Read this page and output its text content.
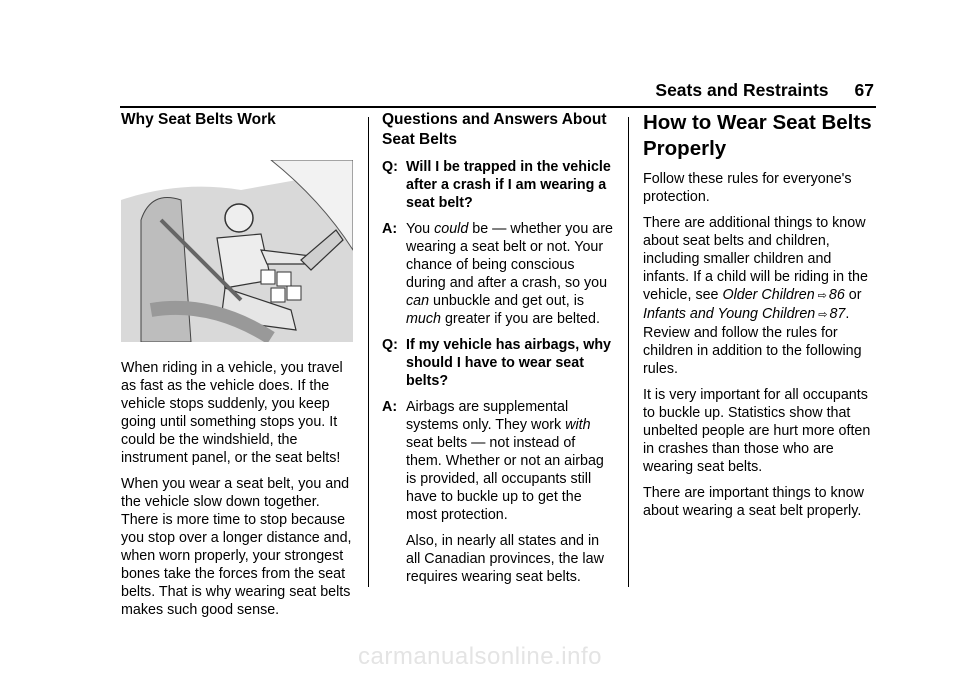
Seats and Restraints 67
Why Seat Belts Work

When riding in a vehicle, you travel as fast as the vehicle does. If the vehicle stops suddenly, you keep going until something stops you. It could be the windshield, the instrument panel, or the seat belts!

When you wear a seat belt, you and the vehicle slow down together. There is more time to stop because you stop over a longer distance and, when worn properly, your strongest bones take the forces from the seat belts. That is why wearing seat belts makes such good sense.

Questions and Answers About Seat Belts
Q: Will I be trapped in the vehicle after a crash if I am wearing a seat belt?
A: You could be — whether you are wearing a seat belt or not. Your chance of being conscious during and after a crash, so you can unbuckle and get out, is much greater if you are belted.
Q: If my vehicle has airbags, why should I have to wear seat belts?
A: Airbags are supplemental systems only. They work with seat belts — not instead of them. Whether or not an airbag is provided, all occupants still have to buckle up to get the most protection.
Also, in nearly all states and in all Canadian provinces, the law requires wearing seat belts.
How to Wear Seat Belts Properly

Follow these rules for everyone's protection.

There are additional things to know about seat belts and children, including smaller children and infants. If a child will be riding in the vehicle, see Older Children ⇨ 86 or Infants and Young Children ⇨ 87. Review and follow the rules for children in addition to the following rules.

It is very important for all occupants to buckle up. Statistics show that unbelted people are hurt more often in crashes than those who are wearing seat belts.

There are important things to know about wearing a seat belt properly.

carmanualsonline.info
